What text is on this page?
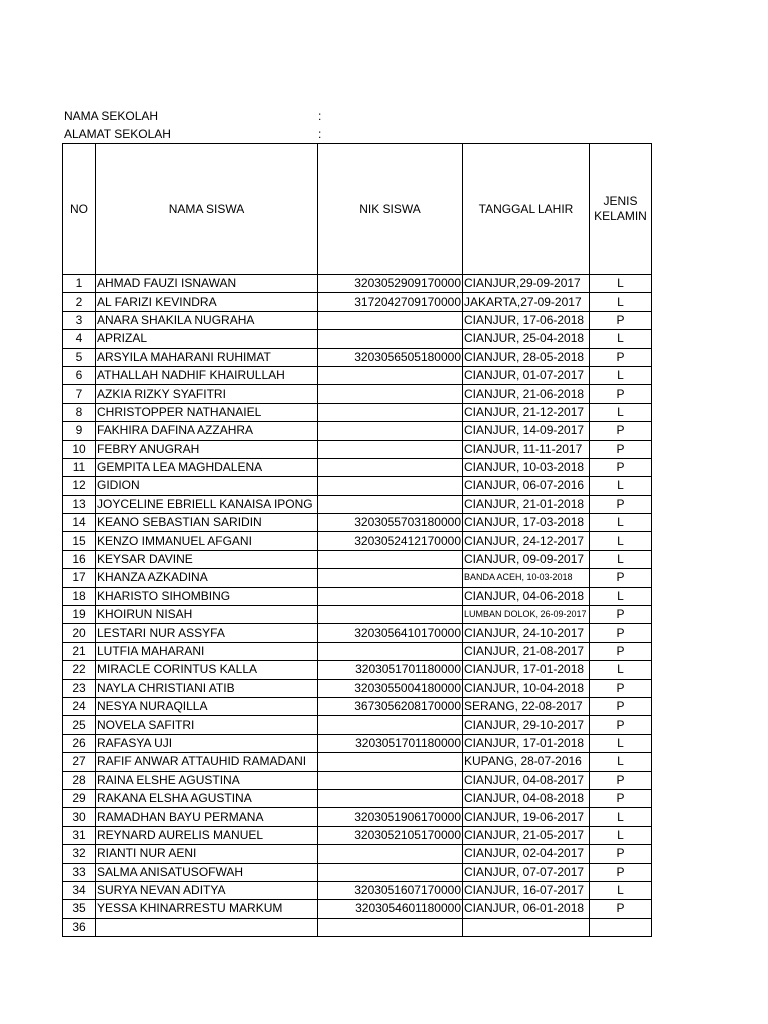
NAMA SEKOLAH	:
ALAMAT SEKOLAH	:
NO	NAMA SISWA	NIK SISWA	TANGGAL LAHIR	JENIS
KELAMIN
1	AHMAD FAUZI ISNAWAN	3203052909170000	CIANJUR,29-09-2017	L
2	AL FARIZI KEVINDRA	3172042709170000	JAKARTA,27-09-2017	L
3	ANARA SHAKILA NUGRAHA		CIANJUR, 17-06-2018	P
4	APRIZAL		CIANJUR, 25-04-2018	L
5	ARSYILA MAHARANI RUHIMAT	3203056505180000	CIANJUR, 28-05-2018	P
6	ATHALLAH NADHIF KHAIRULLAH		CIANJUR, 01-07-2017	L
7	AZKIA RIZKY SYAFITRI		CIANJUR, 21-06-2018	P
8	CHRISTOPPER NATHANAIEL		CIANJUR, 21-12-2017	L
9	FAKHIRA DAFINA AZZAHRA		CIANJUR, 14-09-2017	P
10	FEBRY ANUGRAH		CIANJUR, 11-11-2017	P
11	GEMPITA LEA MAGHDALENA		CIANJUR, 10-03-2018	P
12	GIDION		CIANJUR, 06-07-2016	L
13	JOYCELINE EBRIELL KANAISA IPONG		CIANJUR, 21-01-2018	P
14	KEANO SEBASTIAN SARIDIN	3203055703180000	CIANJUR, 17-03-2018	L
15	KENZO IMMANUEL AFGANI	3203052412170000	CIANJUR, 24-12-2017	L
16	KEYSAR DAVINE		CIANJUR, 09-09-2017	L
17	KHANZA AZKADINA		BANDA ACEH, 10-03-2018	P
18	KHARISTO SIHOMBING		CIANJUR, 04-06-2018	L
19	KHOIRUN NISAH		LUMBAN DOLOK, 26-09-2017	P
20	LESTARI NUR ASSYFA	3203056410170000	CIANJUR, 24-10-2017	P
21	LUTFIA MAHARANI		CIANJUR, 21-08-2017	P
22	MIRACLE CORINTUS KALLA	3203051701180000	CIANJUR, 17-01-2018	L
23	NAYLA CHRISTIANI ATIB	3203055004180000	CIANJUR, 10-04-2018	P
24	NESYA NURAQILLA	3673056208170000	SERANG, 22-08-2017	P
25	NOVELA SAFITRI		CIANJUR, 29-10-2017	P
26	RAFASYA UJI	3203051701180000	CIANJUR, 17-01-2018	L
27	RAFIF ANWAR ATTAUHID RAMADANI		KUPANG, 28-07-2016	L
28	RAINA ELSHE AGUSTINA		CIANJUR, 04-08-2017	P
29	RAKANA ELSHA AGUSTINA		CIANJUR, 04-08-2018	P
30	RAMADHAN BAYU PERMANA	3203051906170000	CIANJUR, 19-06-2017	L
31	REYNARD AURELIS MANUEL	3203052105170000	CIANJUR, 21-05-2017	L
32	RIANTI NUR AENI		CIANJUR, 02-04-2017	P
33	SALMA ANISATUSOFWAH		CIANJUR, 07-07-2017	P
34	SURYA NEVAN ADITYA	3203051607170000	CIANJUR, 16-07-2017	L
35	YESSA KHINARRESTU MARKUM	3203054601180000	CIANJUR, 06-01-2018	P
36				
